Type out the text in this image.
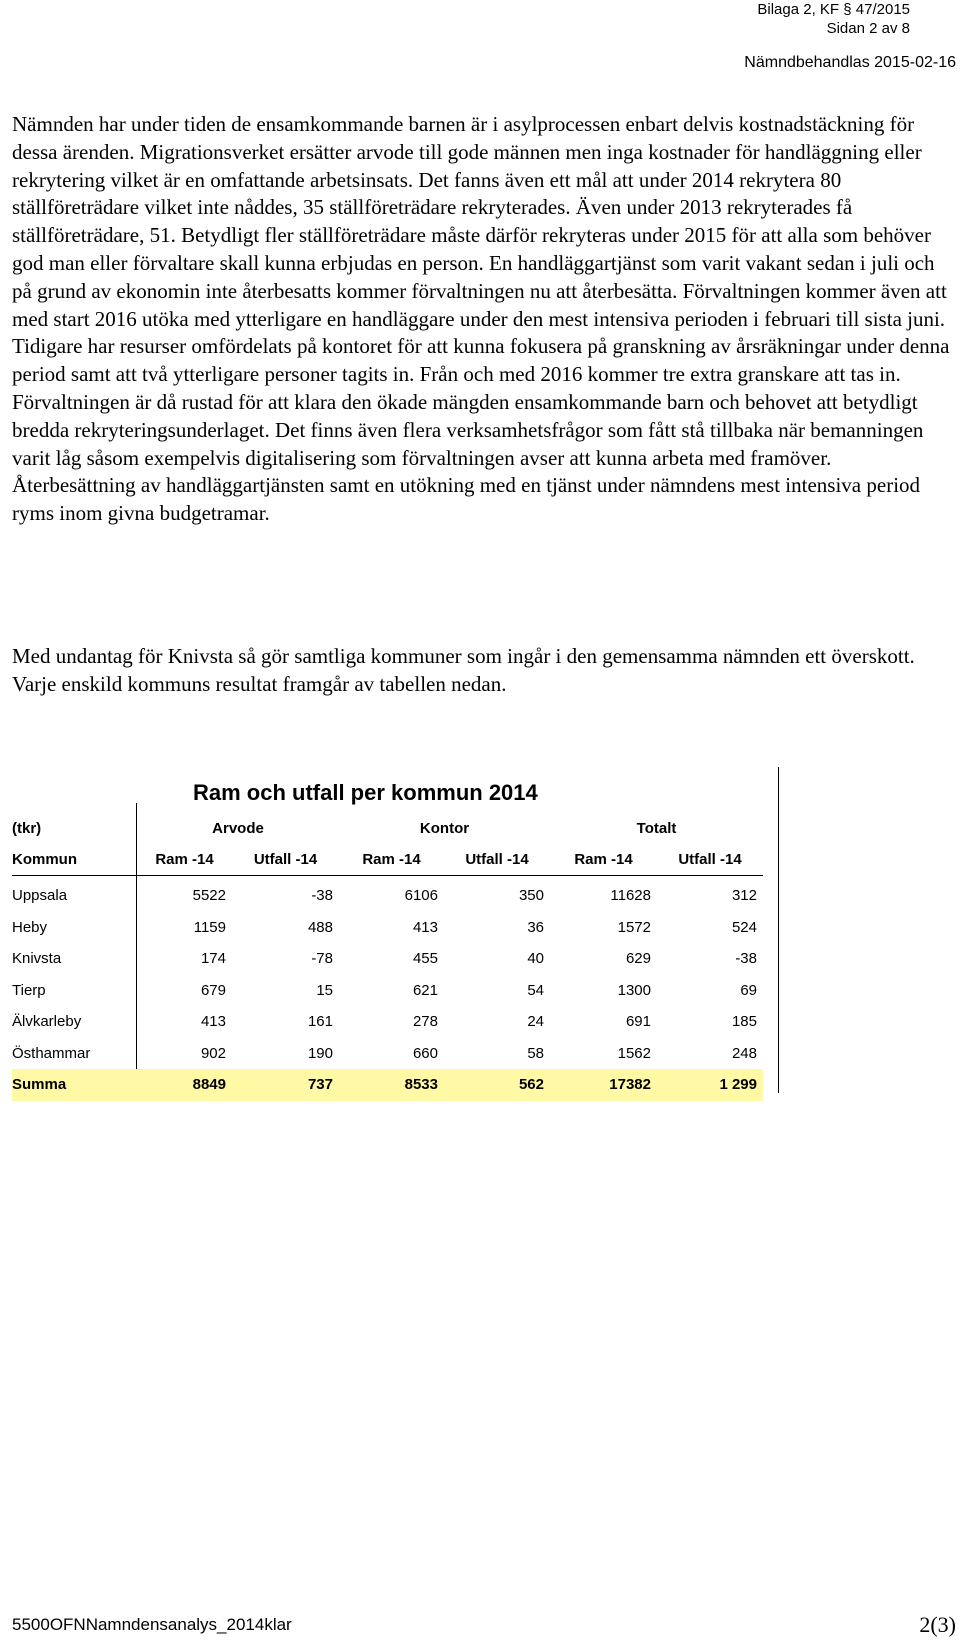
Bilaga 2, KF § 47/2015
Sidan 2 av 8
Nämndbehandlas 2015-02-16

Nämnden har under tiden de ensamkommande barnen är i asylprocessen enbart delvis kostnadstäckning för dessa ärenden. Migrationsverket ersätter arvode till gode männen men inga kostnader för handläggning eller rekrytering vilket är en omfattande arbetsinsats. Det fanns även ett mål att under 2014 rekrytera 80 ställföreträdare vilket inte nåddes, 35 ställföreträdare rekryterades. Även under 2013 rekryterades få ställföreträdare, 51. Betydligt fler ställföreträdare måste därför rekryteras under 2015 för att alla som behöver god man eller förvaltare skall kunna erbjudas en person. En handläggartjänst som varit vakant sedan i juli och på grund av ekonomin inte återbesatts kommer förvaltningen nu att återbesätta. Förvaltningen kommer även att med start 2016 utöka med ytterligare en handläggare under den mest intensiva perioden i februari till sista juni. Tidigare har resurser omfördelats på kontoret för att kunna fokusera på granskning av årsräkningar under denna period samt att två ytterligare personer tagits in. Från och med 2016 kommer tre extra granskare att tas in. Förvaltningen är då rustad för att klara den ökade mängden ensamkommande barn och behovet att betydligt bredda rekryteringsunderlaget. Det finns även flera verksamhetsfrågor som fått stå tillbaka när bemanningen varit låg såsom exempelvis digitalisering som förvaltningen avser att kunna arbeta med framöver. Återbesättning av handläggartjänsten samt en utökning med en tjänst under nämndens mest intensiva period ryms inom givna budgetramar.

Med undantag för Knivsta så gör samtliga kommuner som ingår i den gemensamma nämnden ett överskott. Varje enskild kommuns resultat framgår av tabellen nedan.

Ram och utfall per kommun 2014
(tkr)	Arvode		Kontor		Totalt	
Kommun	Ram -14	Utfall -14	Ram -14	Utfall -14	Ram -14	Utfall -14

Uppsala	5522	-38	6106	350	11628	312
Heby	1159	488	413	36	1572	524
Knivsta	174	-78	455	40	629	-38
Tierp	679	15	621	54	1300	69
Älvkarleby	413	161	278	24	691	185
Östhammar	902	190	660	58	1562	248
Summa	8849	737	8533	562	17382	1 299
5500OFNNamndensanalys_2014klar	2(3)
